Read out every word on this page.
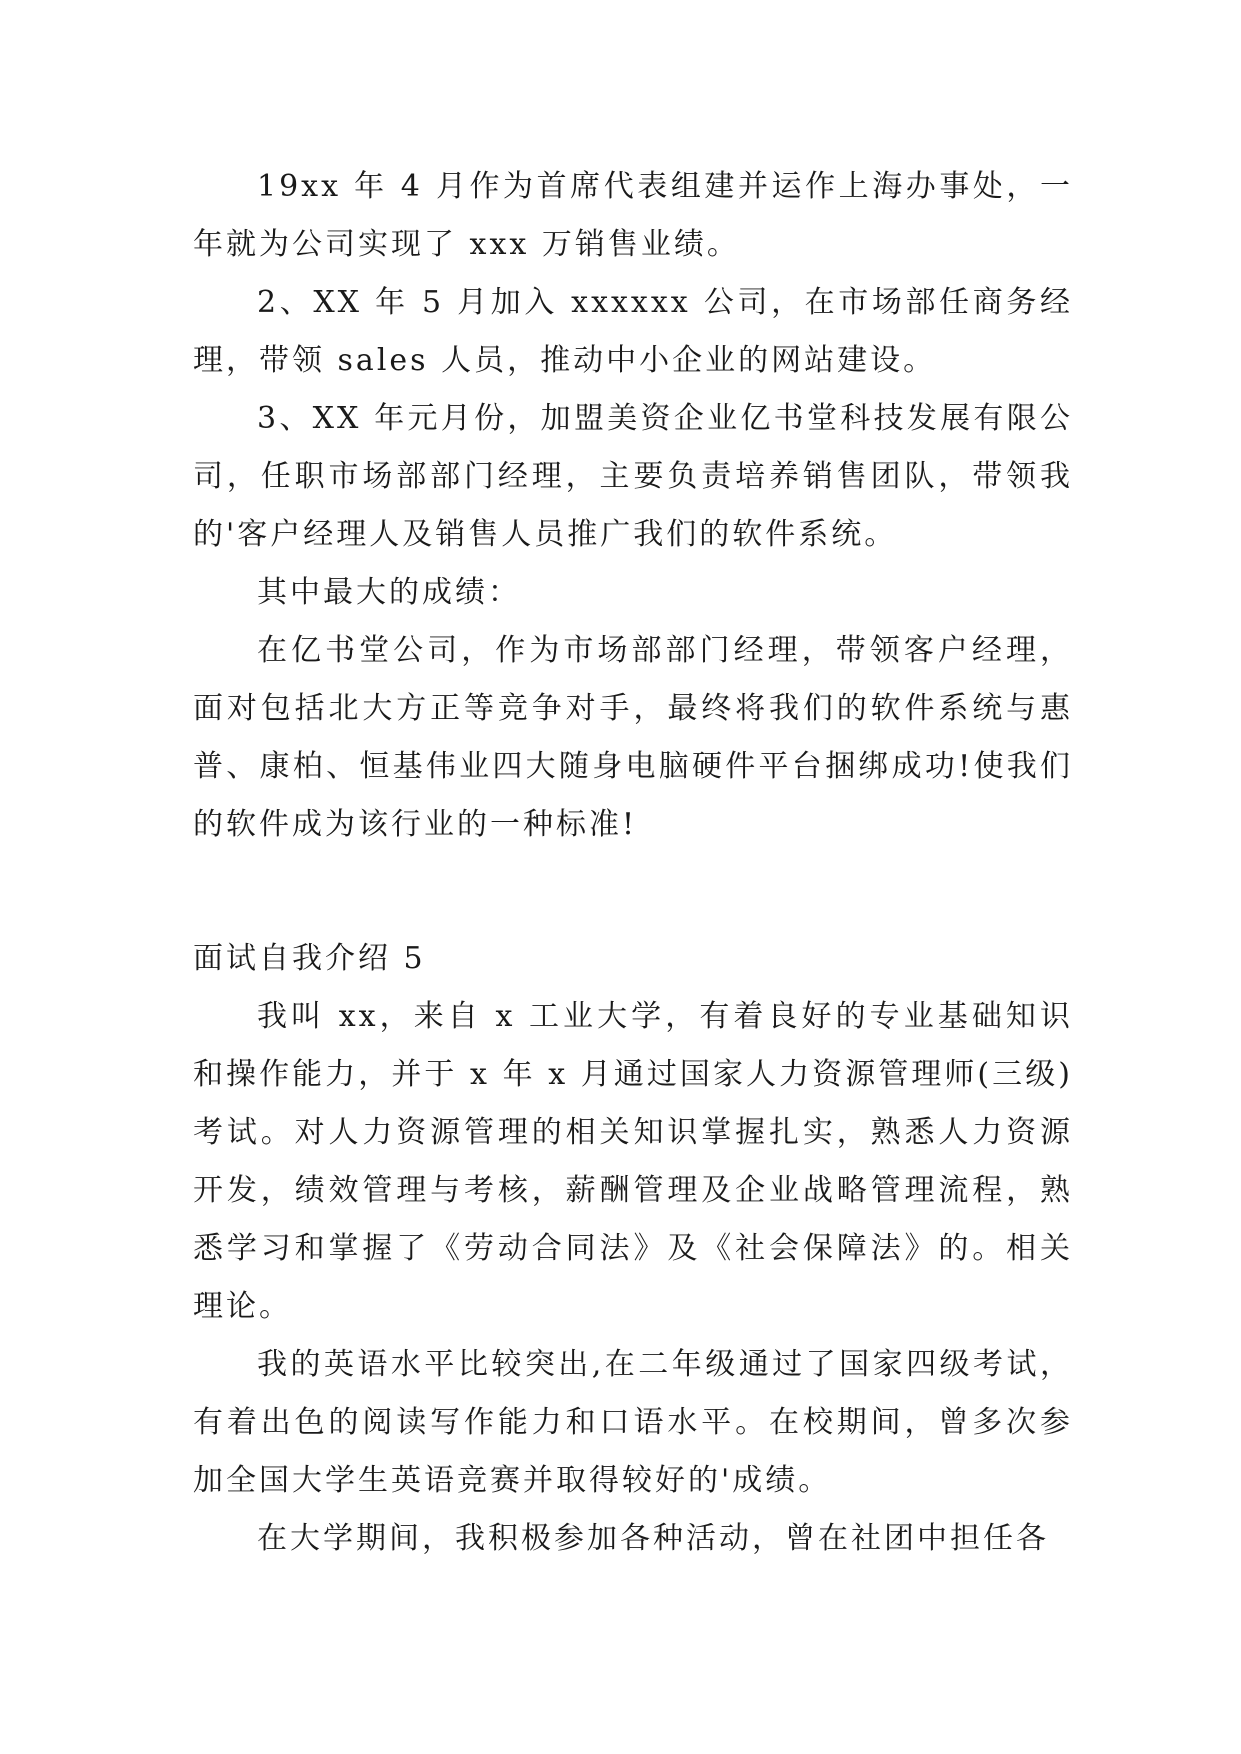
19xx 年 4 月作为首席代表组建并运作上海办事处，一年就为公司实现了 xxx 万销售业绩。

2、XX 年 5 月加入 xxxxxx 公司，在市场部任商务经理，带领 sales 人员，推动中小企业的网站建设。

3、XX 年元月份，加盟美资企业亿书堂科技发展有限公司，任职市场部部门经理，主要负责培养销售团队，带领我的'客户经理人及销售人员推广我们的软件系统。

其中最大的成绩：

在亿书堂公司，作为市场部部门经理，带领客户经理，面对包括北大方正等竞争对手，最终将我们的软件系统与惠普、康柏、恒基伟业四大随身电脑硬件平台捆绑成功!使我们的软件成为该行业的一种标准!

面试自我介绍 5

我叫 xx，来自 x 工业大学，有着良好的专业基础知识和操作能力，并于 x 年 x 月通过国家人力资源管理师(三级)考试。对人力资源管理的相关知识掌握扎实，熟悉人力资源开发，绩效管理与考核，薪酬管理及企业战略管理流程，熟悉学习和掌握了《劳动合同法》及《社会保障法》的。相关理论。

我的英语水平比较突出,在二年级通过了国家四级考试，有着出色的阅读写作能力和口语水平。在校期间，曾多次参加全国大学生英语竞赛并取得较好的'成绩。

在大学期间，我积极参加各种活动，曾在社团中担任各
